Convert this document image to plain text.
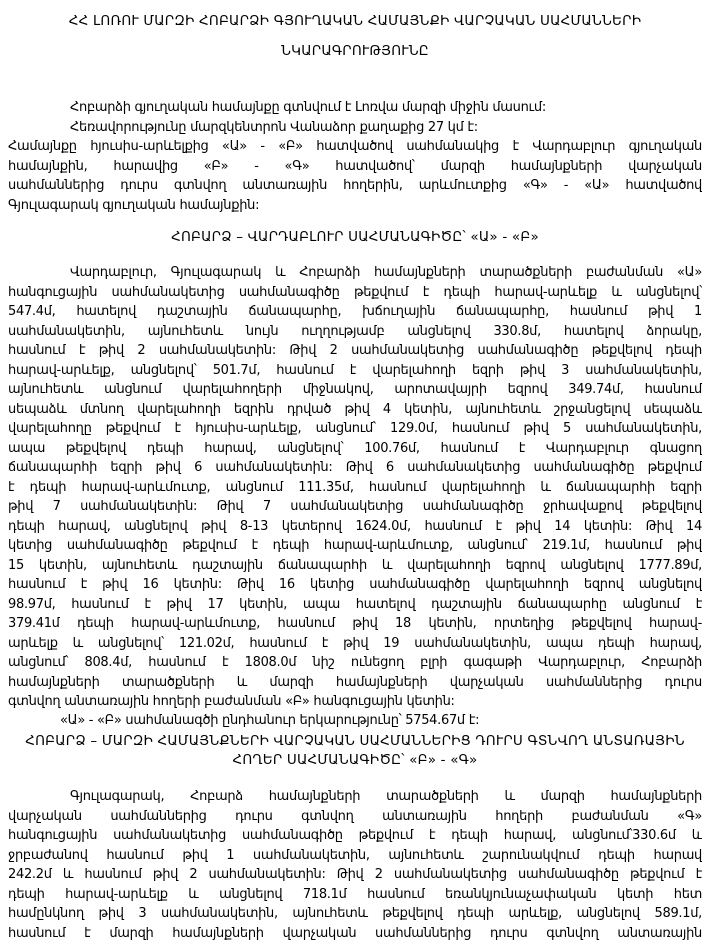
ՀՀ ԼՈՌՈՒ ՄԱՐԶԻ ՀՈԲԱՐՁԻ ԳՅՈՒՂԱԿԱՆ ՀԱՄԱՅՆՔԻ ՎԱՐՉԱԿԱՆ ՍԱՀՄԱՆՆԵՐԻ
ՆԿԱՐԱԳՐՈՒԹՅՈՒՆԸ
Հոբարձի գյուղական համայնքը գտնվում է Լոռվա մարզի միջին մասում:
Հեռավորությունը մարզկենտրոն Վանաձոր քաղաքից 27 կմ է:
Համայնքը հյուսիս-արևելքից «Ա» - «Բ» հատվածով սահմանակից է Վարդաբլուր գյուղական
համայնքին, հարավից «Բ» - «Գ» հատվածով՝ մարզի համայնքների վարչական
սահմաններից դուրս գտնվող անտառային հողերին, արևմուտքից «Գ» - «Ա» հատվածով
Գյուլագարակ գյուղական համայնքին:
ՀՈԲԱՐՁ – ՎԱՐԴԱԲԼՈՒՐ ՍԱՀՄԱՆԱԳԻԾԸ՝ «Ա» - «Բ»
Վարդաբլուր, Գյուլագարակ և Հոբարձի համայնքների տարածքների բաժանման «Ա»
հանգուցային սահմանակետից սահմանագիծը թեքվում է դեպի հարավ-արևելք և անցնելով՝
547.4մ, հատելով դաշտային ճանապարհը, խճուղային ճանապարհը, հասնում թիվ 1
սահմանակետին, այնուհետև նույն ուղղությամբ անցնելով 330.8մ, հատելով ձորակը,
հասնում է թիվ 2 սահմանակետին: Թիվ 2 սահմանակետից սահմանագիծը թեքվելով դեպի
հարավ-արևելք, անցնելով՝ 501.7մ, հասնում է վարելահողի եզրի թիվ 3 սահմանակետին,
այնուհետև անցնում վարելահողերի միջնակով, արոտավայրի եզրով 349.74մ, հասնում
սեպաձև մտնող վարելահողի եզրին դրված թիվ 4 կետին, այնուհետև շրջանցելով սեպաձև
վարելահողը թեքվում է հյուսիս-արևելք, անցնում՝ 129.0մ, հասնում թիվ 5 սահմանակետին,
ապա թեքվելով դեպի հարավ, անցնելով՝ 100.76մ, հասնում է Վարդաբլուր գնացող
ճանապարհի եզրի թիվ 6 սահմանակետին: Թիվ 6 սահմանակետից սահմանագիծը թեքվում
է դեպի հարավ-արևմուտք, անցնում 111.35մ, հասնում վարելահողի և ճանապարհի եզրի
թիվ 7 սահմանակետին: Թիվ 7 սահմանակետից սահմանագիծը ջրհավաքով թեքվելով
դեպի հարավ, անցնելով թիվ 8-13 կետերով 1624.0մ, հասնում է թիվ 14 կետին: Թիվ 14
կետից սահմանագիծը թեքվում է դեպի հարավ-արևմուտք, անցնում՝ 219.1մ, հասնում թիվ
15 կետին, այնուհետև դաշտային ճանապարհի և վարելահողի եզրով անցնելով 1777.89մ,
հասնում է թիվ 16 կետին: Թիվ 16 կետից սահմանագիծը վարելահողի եզրով անցնելով
98.97մ, հասնում է թիվ 17 կետին, ապա հատելով դաշտային ճանապարհը անցնում է
379.41մ դեպի հարավ-արևմուտք, հասնում թիվ 18 կետին, որտեղից թեքվելով հարավ-
արևելք և անցնելով՝ 121.02մ, հասնում է թիվ 19 սահմանակետին, ապա դեպի հարավ,
անցնում՝ 808.4մ, հասնում է 1808.0մ նիշ ունեցող բլրի գագաթի Վարդաբլուր, Հոբարձի
համայնքների տարածքների և մարզի համայնքների վարչական սահմաններից դուրս
գտնվող անտառային հողերի բաժանման «Բ» հանգուցային կետին:
«Ա» - «Բ» սահմանագծի ընդհանուր երկարությունը՝ 5754.67մ է:
ՀՈԲԱՐՁ – ՄԱՐԶԻ ՀԱՄԱՅՆՔՆԵՐԻ ՎԱՐՉԱԿԱՆ ՍԱՀՄԱՆՆԵՐԻՑ ԴՈՒՐՍ ԳՏՆՎՈՂ ԱՆՏԱՌԱՅԻՆ
ՀՈՂԵՐ ՍԱՀՄԱՆԱԳԻԾԸ՝ «Բ» - «Գ»
Գյուլագարակ, Հոբարձ համայնքների տարածքների և մարզի համայնքների
վարչական սահմաններից դուրս գտնվող անտառային հողերի բաժանման «Գ»
հանգուցային սահմանակետից սահմանագիծը թեքվում է դեպի հարավ, անցնում՝330.6մ և
ջրբաժանով հասնում թիվ 1 սահմանակետին, այնուհետև շարունակվում դեպի հարավ
242.2մ և հասնում թիվ 2 սահմանակետին: Թիվ 2 սահմանակետից սահմանագիծը թեքվում է
դեպի հարավ-արևելք և անցնելով 718.1մ հասնում եռանկյունաչափական կետի հետ
համընկնող թիվ 3 սահմանակետին, այնուհետև թեքվելով դեպի արևելք, անցնելով 589.1մ,
հասնում է մարզի համայնքների վարչական սահմաններից դուրս գտնվող անտառային
